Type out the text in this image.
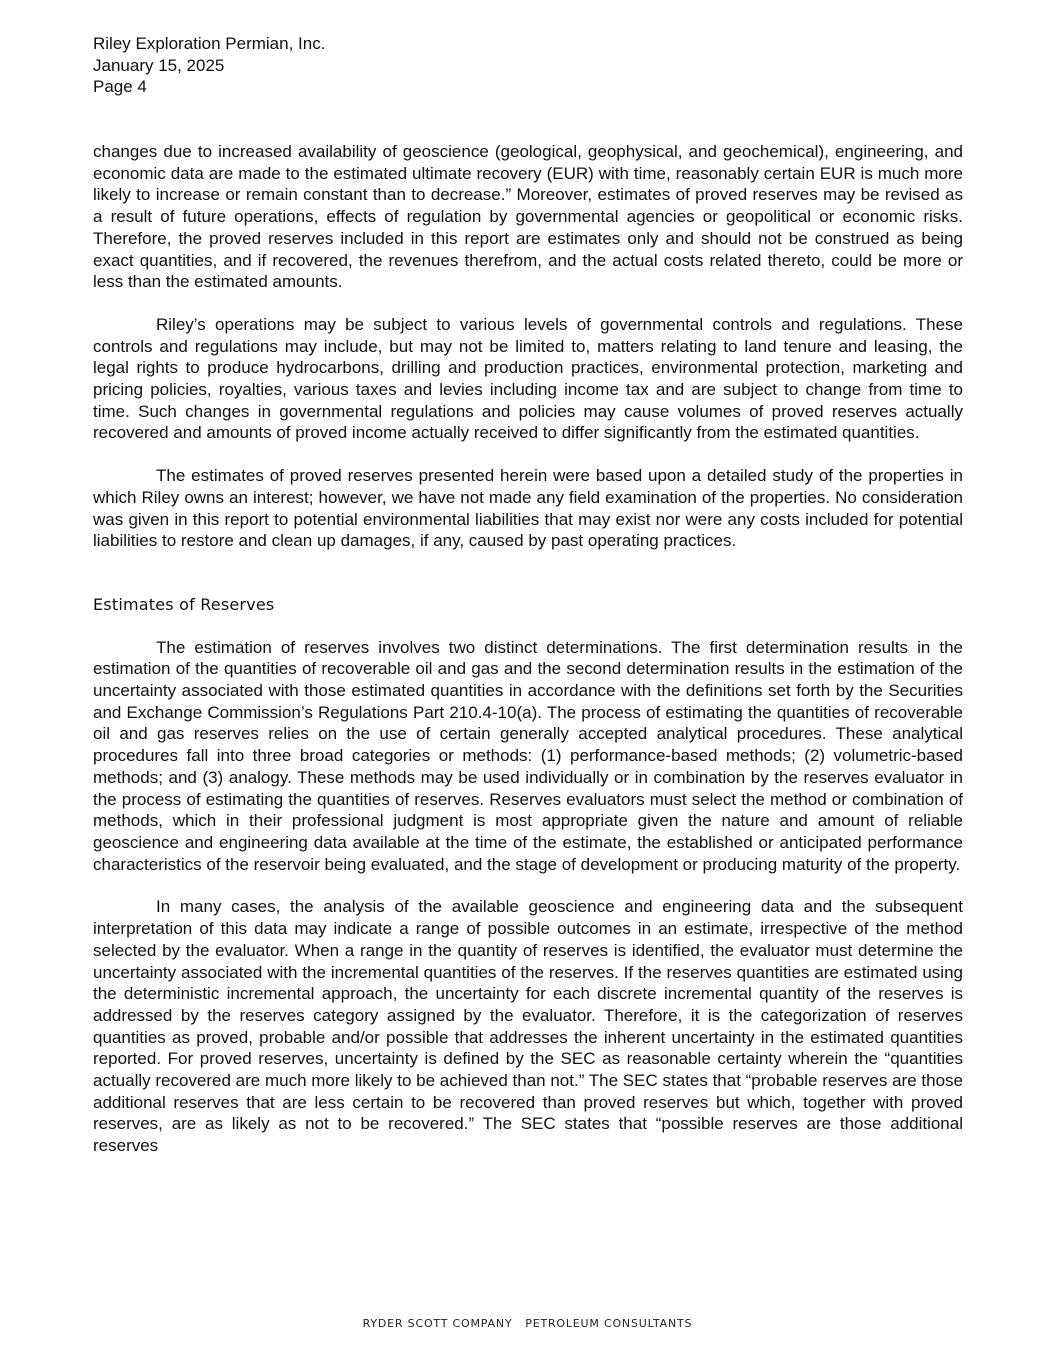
Riley Exploration Permian, Inc.
January 15, 2025
Page 4

changes due to increased availability of geoscience (geological, geophysical, and geochemical), engineering, and economic data are made to the estimated ultimate recovery (EUR) with time, reasonably certain EUR is much more likely to increase or remain constant than to decrease.” Moreover, estimates of proved reserves may be revised as a result of future operations, effects of regulation by governmental agencies or geopolitical or economic risks. Therefore, the proved reserves included in this report are estimates only and should not be construed as being exact quantities, and if recovered, the revenues therefrom, and the actual costs related thereto, could be more or less than the estimated amounts.

Riley’s operations may be subject to various levels of governmental controls and regulations. These controls and regulations may include, but may not be limited to, matters relating to land tenure and leasing, the legal rights to produce hydrocarbons, drilling and production practices, environmental protection, marketing and pricing policies, royalties, various taxes and levies including income tax and are subject to change from time to time. Such changes in governmental regulations and policies may cause volumes of proved reserves actually recovered and amounts of proved income actually received to differ significantly from the estimated quantities.

The estimates of proved reserves presented herein were based upon a detailed study of the properties in which Riley owns an interest; however, we have not made any field examination of the properties. No consideration was given in this report to potential environmental liabilities that may exist nor were any costs included for potential liabilities to restore and clean up damages, if any, caused by past operating practices.

Estimates of Reserves

The estimation of reserves involves two distinct determinations. The first determination results in the estimation of the quantities of recoverable oil and gas and the second determination results in the estimation of the uncertainty associated with those estimated quantities in accordance with the definitions set forth by the Securities and Exchange Commission’s Regulations Part 210.4-10(a). The process of estimating the quantities of recoverable oil and gas reserves relies on the use of certain generally accepted analytical procedures. These analytical procedures fall into three broad categories or methods: (1) performance-based methods; (2) volumetric-based methods; and (3) analogy. These methods may be used individually or in combination by the reserves evaluator in the process of estimating the quantities of reserves. Reserves evaluators must select the method or combination of methods, which in their professional judgment is most appropriate given the nature and amount of reliable geoscience and engineering data available at the time of the estimate, the established or anticipated performance characteristics of the reservoir being evaluated, and the stage of development or producing maturity of the property.

In many cases, the analysis of the available geoscience and engineering data and the subsequent interpretation of this data may indicate a range of possible outcomes in an estimate, irrespective of the method selected by the evaluator. When a range in the quantity of reserves is identified, the evaluator must determine the uncertainty associated with the incremental quantities of the reserves. If the reserves quantities are estimated using the deterministic incremental approach, the uncertainty for each discrete incremental quantity of the reserves is addressed by the reserves category assigned by the evaluator. Therefore, it is the categorization of reserves quantities as proved, probable and/or possible that addresses the inherent uncertainty in the estimated quantities reported. For proved reserves, uncertainty is defined by the SEC as reasonable certainty wherein the “quantities actually recovered are much more likely to be achieved than not.” The SEC states that “probable reserves are those additional reserves that are less certain to be recovered than proved reserves but which, together with proved reserves, are as likely as not to be recovered.” The SEC states that “possible reserves are those additional reserves

RYDER SCOTT COMPANY   PETROLEUM CONSULTANTS
